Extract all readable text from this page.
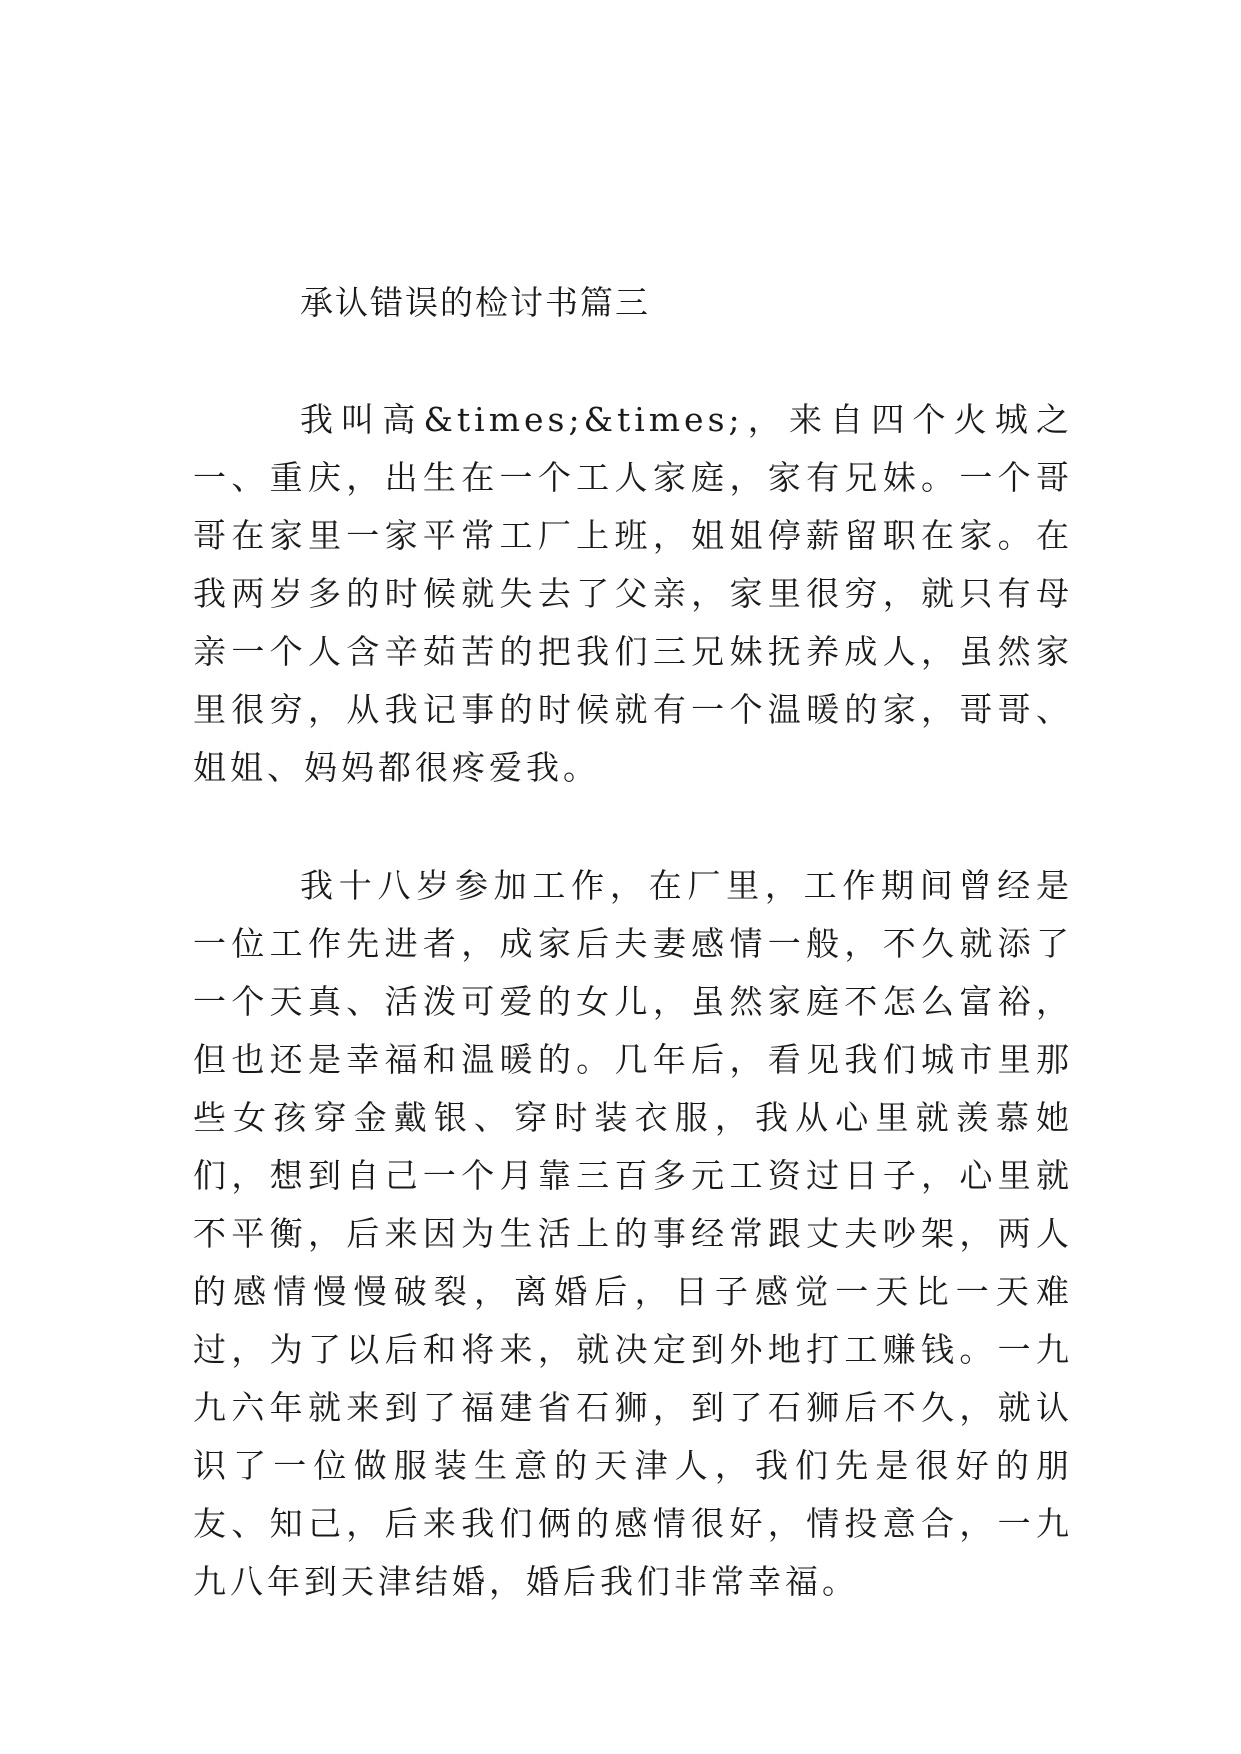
承认错误的检讨书篇三
我叫高&times;&times;，来自四个火城之一、重庆，出生在一个工人家庭，家有兄妹。一个哥哥在家里一家平常工厂上班，姐姐停薪留职在家。在我两岁多的时候就失去了父亲，家里很穷，就只有母亲一个人含辛茹苦的把我们三兄妹抚养成人，虽然家里很穷，从我记事的时候就有一个温暖的家，哥哥、姐姐、妈妈都很疼爱我。
我十八岁参加工作，在厂里，工作期间曾经是一位工作先进者，成家后夫妻感情一般，不久就添了一个天真、活泼可爱的女儿，虽然家庭不怎么富裕，但也还是幸福和温暖的。几年后，看见我们城市里那些女孩穿金戴银、穿时装衣服，我从心里就羡慕她们，想到自己一个月靠三百多元工资过日子，心里就不平衡，后来因为生活上的事经常跟丈夫吵架，两人的感情慢慢破裂，离婚后，日子感觉一天比一天难过，为了以后和将来，就决定到外地打工赚钱。一九九六年就来到了福建省石狮，到了石狮后不久，就认识了一位做服装生意的天津人，我们先是很好的朋友、知己，后来我们俩的感情很好，情投意合，一九九八年到天津结婚，婚后我们非常幸福。
